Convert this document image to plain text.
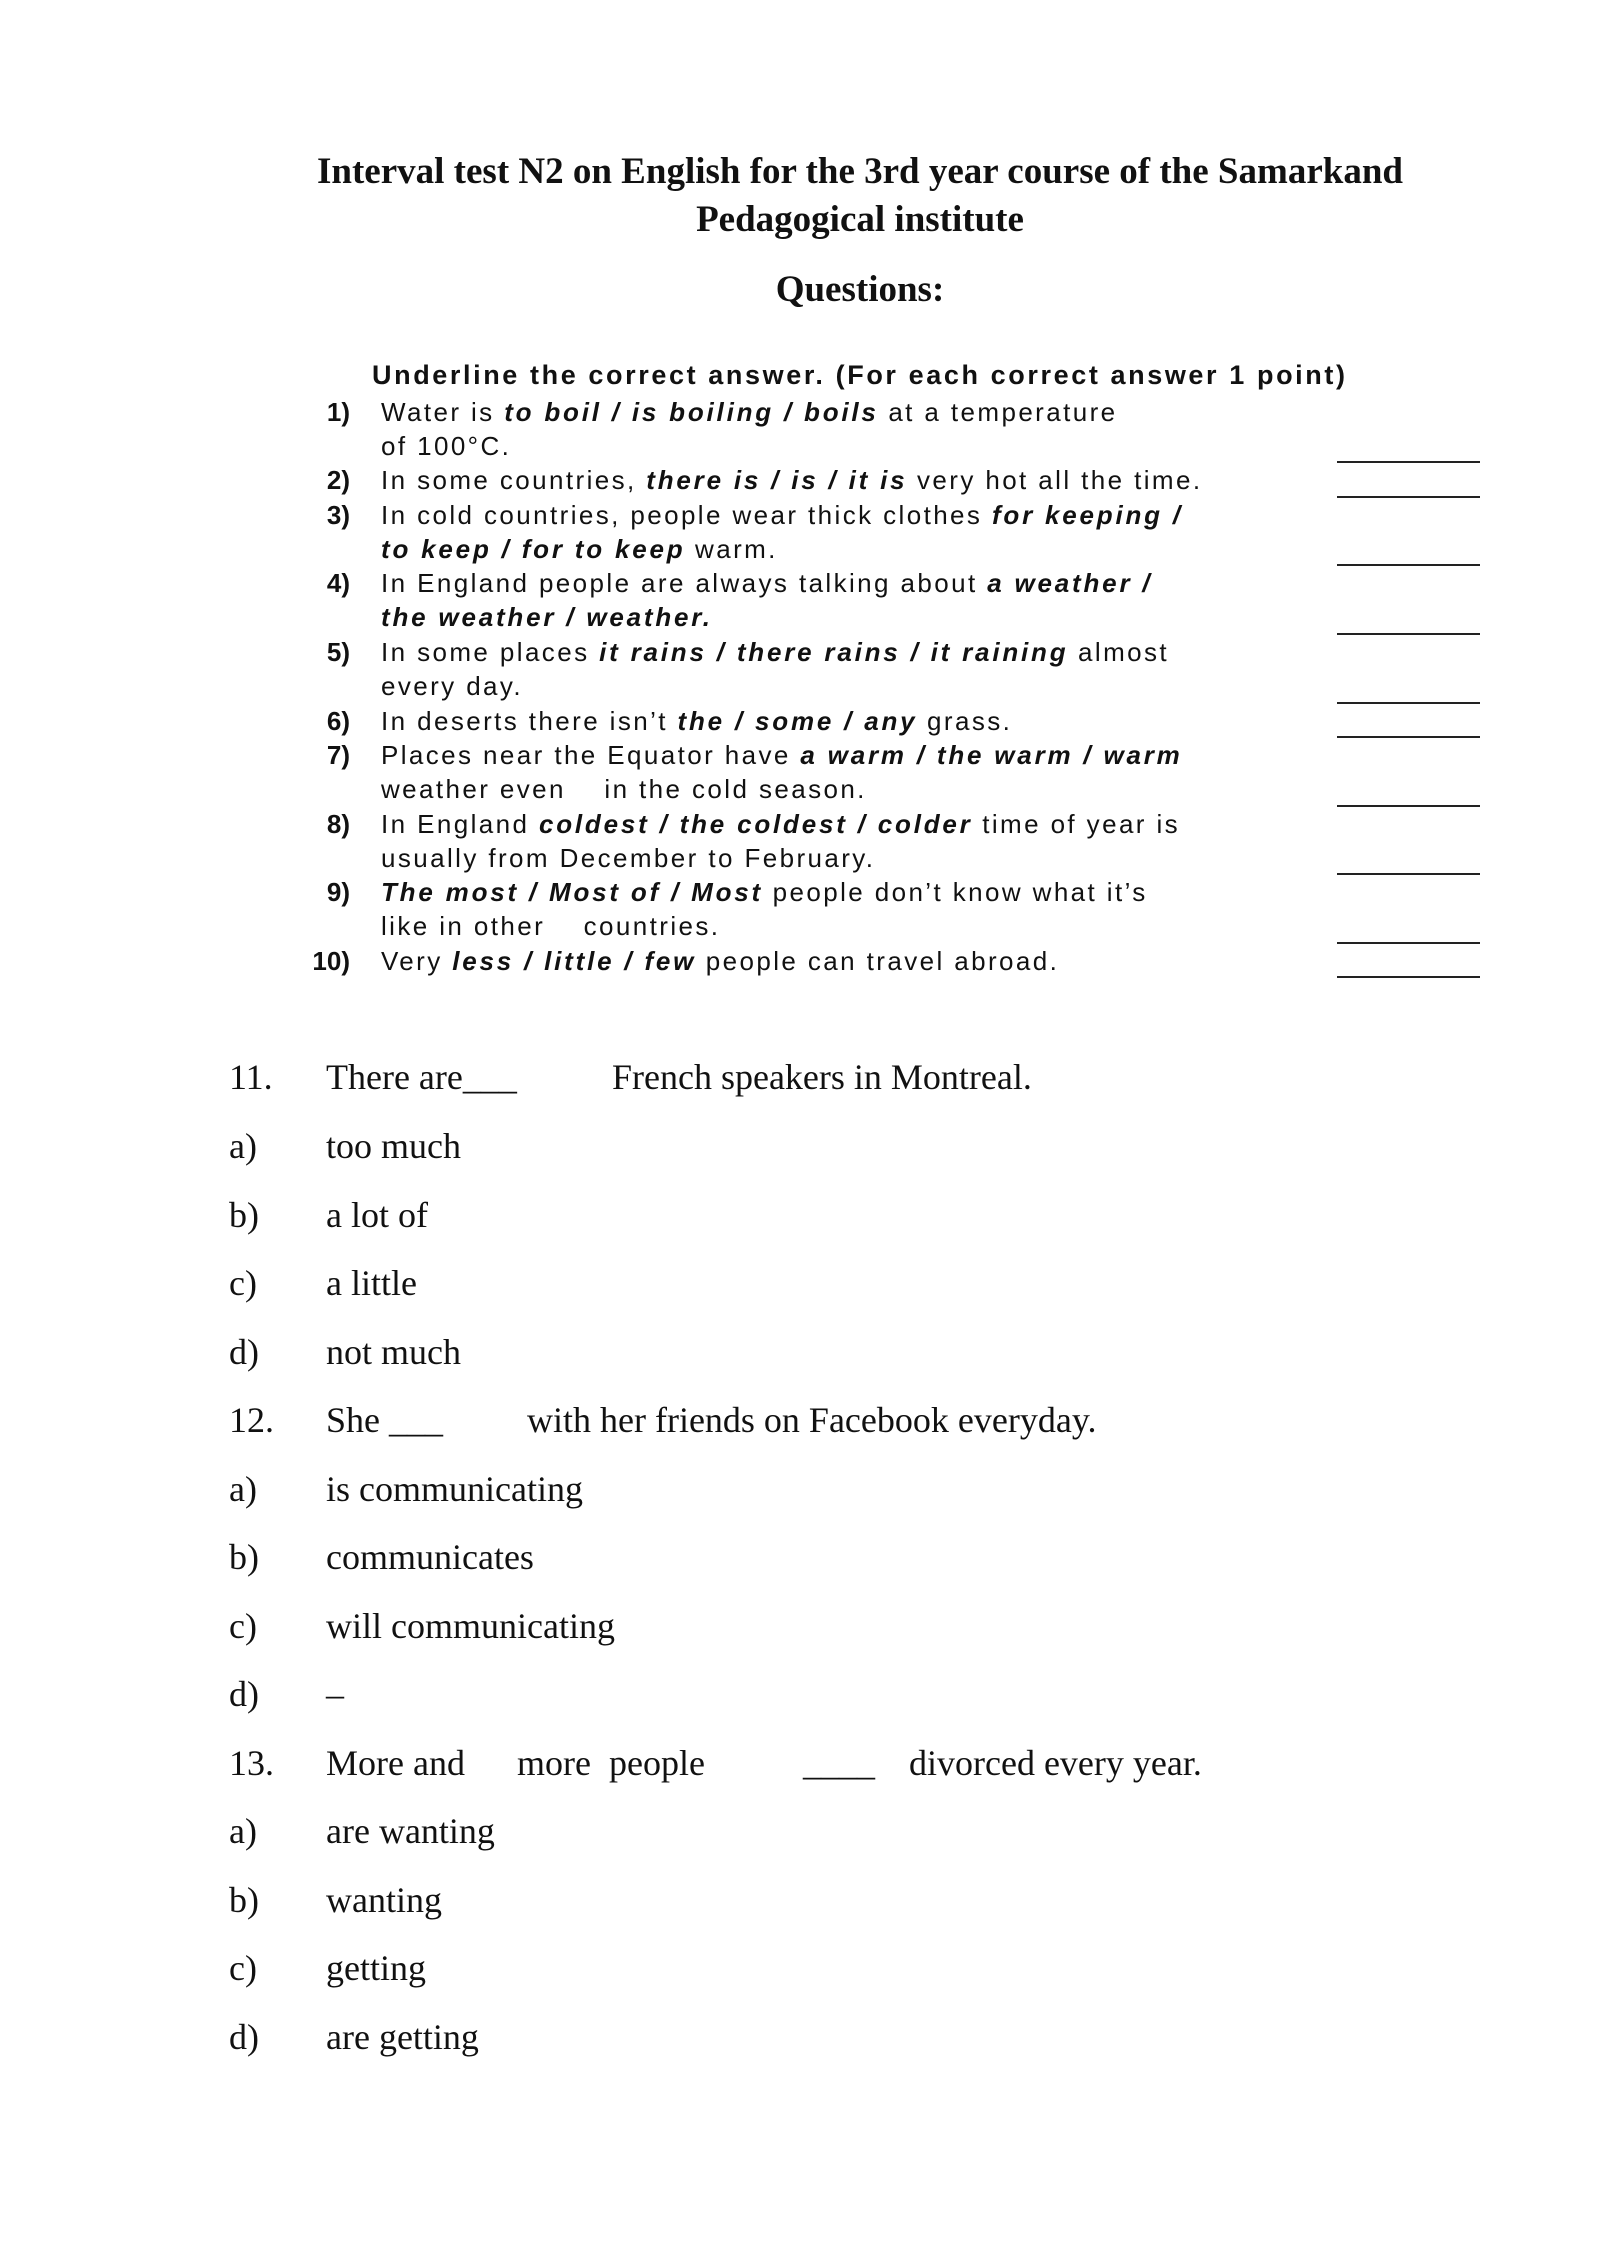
Interval test N2 on English for the 3rd year course of the Samarkand Pedagogical institute
Questions:
Underline the correct answer. (For each correct answer 1 point)
1) Water is to boil / is boiling / boils at a temperature
of 100°C.
2) In some countries, there is / is / it is very hot all the time.
3) In cold countries, people wear thick clothes for keeping /
to keep / for to keep warm.
4) In England people are always talking about a weather /
the weather / weather.
5) In some places it rains / there rains / it raining almost
every day.
6) In deserts there isn’t the / some / any grass.
7) Places near the Equator have a warm / the warm / warm
weather even    in the cold season.
8) In England coldest / the coldest / colder time of year is
usually from December to February.
9) The most / Most of / Most people don’t know what it’s
like in other    countries.
10) Very less / little / few people can travel abroad.
11. There are___	French speakers in Montreal.
a) too much
b) a lot of
c) a little
d) not much
12. She ___ with her friends on Facebook everyday.
a) is communicating
b) communicates
c) will communicating
d) –
13. More and more  people	____ divorced every year.
a) are wanting
b) wanting
c) getting
d) are getting
